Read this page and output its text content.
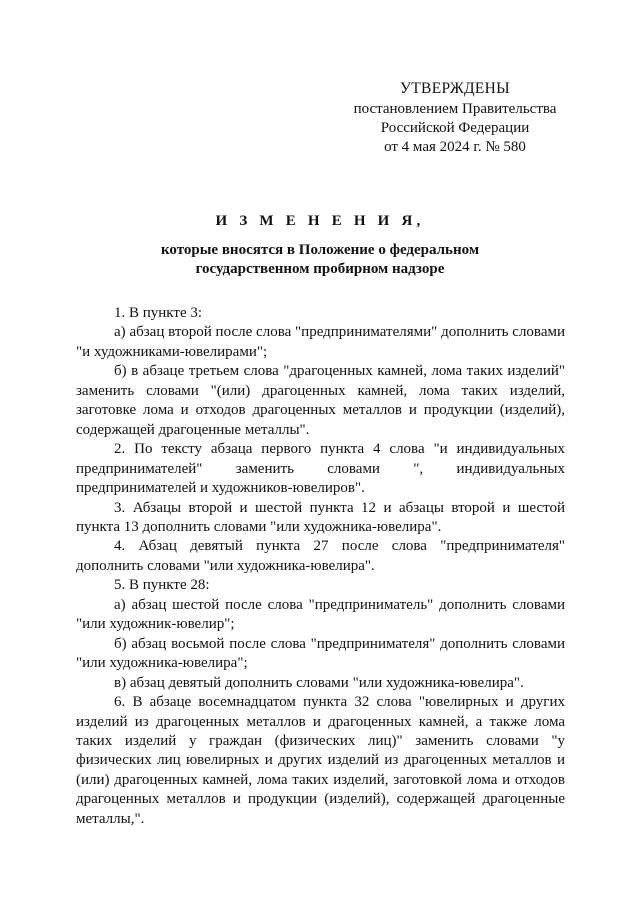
УТВЕРЖДЕНЫ
постановлением Правительства
Российской Федерации
от 4 мая 2024 г. № 580
И З М Е Н Е Н И Я,
которые вносятся в Положение о федеральном
государственном пробирном надзоре

1. В пункте 3:

а) абзац второй после слова "предпринимателями" дополнить словами "и художниками-ювелирами";

б) в абзаце третьем слова "драгоценных камней, лома таких изделий" заменить словами "(или) драгоценных камней, лома таких изделий, заготовке лома и отходов драгоценных металлов и продукции (изделий), содержащей драгоценные металлы".

2. По тексту абзаца первого пункта 4 слова "и индивидуальных предпринимателей" заменить словами ", индивидуальных предпринимателей и художников-ювелиров".

3. Абзацы второй и шестой пункта 12 и абзацы второй и шестой пункта 13 дополнить словами "или художника-ювелира".

4. Абзац девятый пункта 27 после слова "предпринимателя" дополнить словами "или художника-ювелира".

5. В пункте 28:

а) абзац шестой после слова "предприниматель" дополнить словами "или художник-ювелир";

б) абзац восьмой после слова "предпринимателя" дополнить словами "или художника-ювелира";

в) абзац девятый дополнить словами "или художника-ювелира".

6. В абзаце восемнадцатом пункта 32 слова "ювелирных и других изделий из драгоценных металлов и драгоценных камней, а также лома таких изделий у граждан (физических лиц)" заменить словами "у физических лиц ювелирных и других изделий из драгоценных металлов и (или) драгоценных камней, лома таких изделий, заготовкой лома и отходов драгоценных металлов и продукции (изделий), содержащей драгоценные металлы,".
